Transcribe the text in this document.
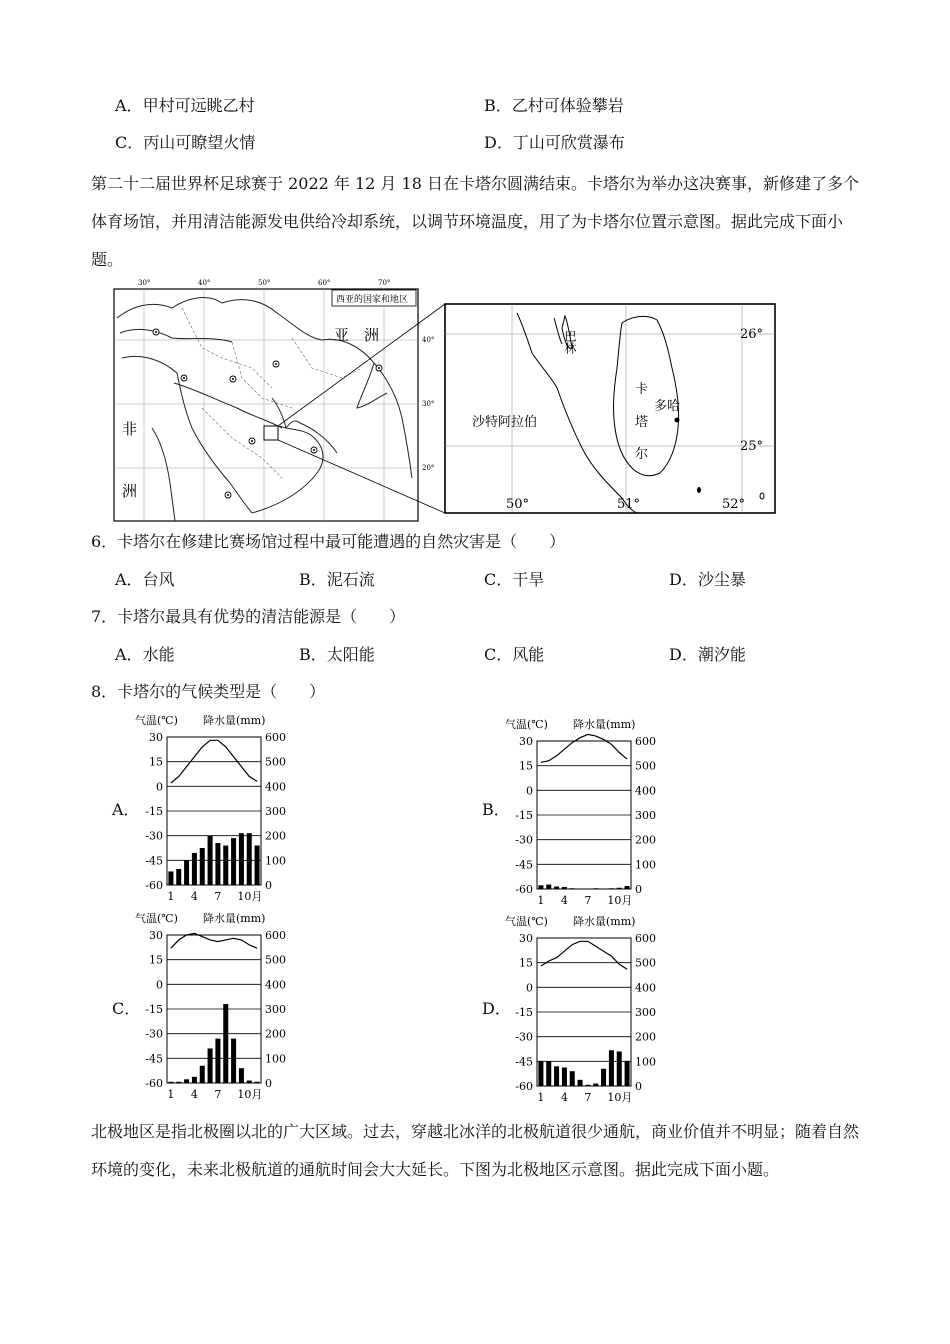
A．甲村可远眺乙村	B．乙村可体验攀岩
C．丙山可瞭望火情	D．丁山可欣赏瀑布
第二十二届世界杯足球赛于 2022 年 12 月 18 日在卡塔尔圆满结束。卡塔尔为举办这决赛事，新修建了多个体育场馆，并用清洁能源发电供给冷却系统，以调节环境温度，用了为卡塔尔位置示意图。据此完成下面小题。
30°	40°	50°	60°	70°
40°
30°
20°
西亚的国家和地区
亚　洲
非
洲
巴林
沙特阿拉伯
卡
塔
尔
多哈
26°
25°
50°	51°	52°
6．卡塔尔在修建比赛场馆过程中最可能遭遇的自然灾害是（　　）
A．台风	B．泥石流	C．干旱	D．沙尘暴
7．卡塔尔最具有优势的清洁能源是（　　）
A．水能	B．太阳能	C．风能	D．潮汐能
8．卡塔尔的气候类型是（　　）
A．	B．
C．	D．
气温(℃) 降水量(mm)
30	600
15	500
0	400
-15	300
-30	200
-45	100
-60	0
1 4 7 10月
气温(℃) 降水量(mm)
30	600
15	500
0	400
-15	300
-30	200
-45	100
-60	0
1 4 7 10月
气温(℃) 降水量(mm)
30	600
15	500
0	400
-15	300
-30	200
-45	100
-60	0
1 4 7 10月
气温(℃) 降水量(mm)
30	600
15	500
0	400
-15	300
-30	200
-45	100
-60	0
1 4 7 10月
北极地区是指北极圈以北的广大区域。过去，穿越北冰洋的北极航道很少通航，商业价值并不明显；随着自然环境的变化，未来北极航道的通航时间会大大延长。下图为北极地区示意图。据此完成下面小题。
